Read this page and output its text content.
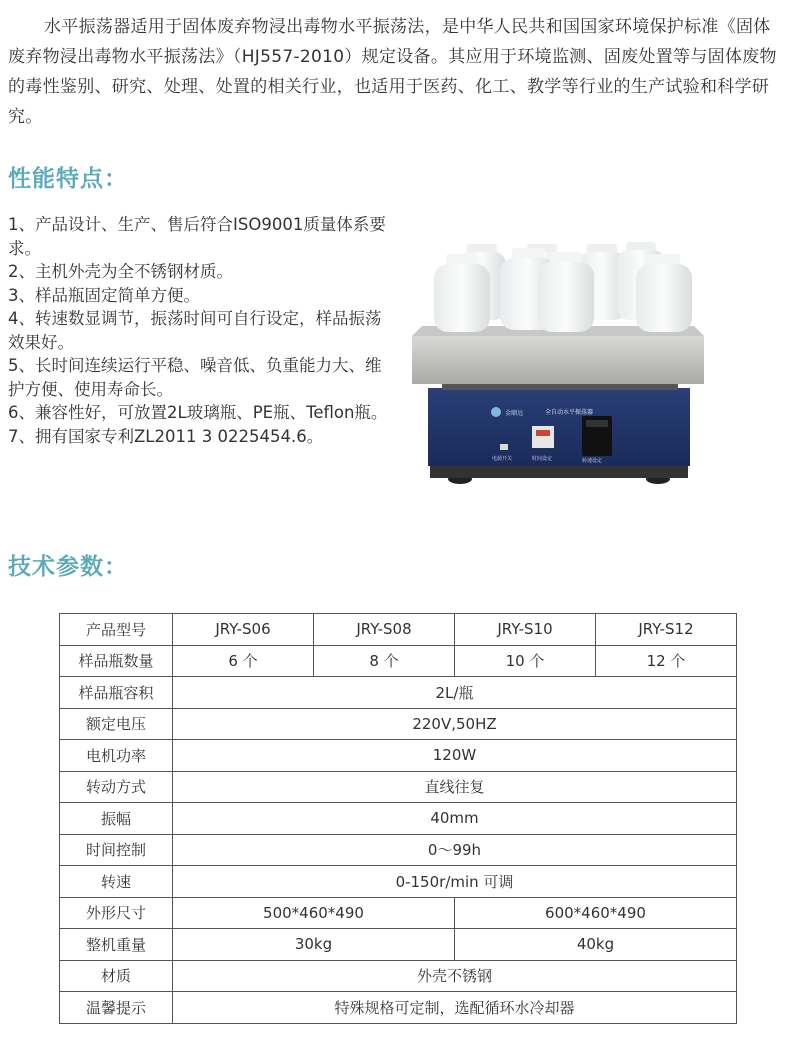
水平振荡器适用于固体废弃物浸出毒物水平振荡法，是中华人民共和国国家环境保护标准《固体废弃物浸出毒物水平振荡法》（HJ557-2010）规定设备。其应用于环境监测、固废处置等与固体废物的毒性鉴别、研究、处理、处置的相关行业，也适用于医药、化工、教学等行业的生产试验和科学研究。

性能特点：
1、产品设计、生产、售后符合ISO9001质量体系要求。
2、主机外壳为全不锈钢材质。
3、样品瓶固定简单方便。
4、转速数显调节，振荡时间可自行设定，样品振荡效果好。
5、长时间连续运行平稳、噪音低、负重能力大、维护方便、使用寿命长。
6、兼容性好，可放置2L玻璃瓶、PE瓶、Teflon瓶。
7、拥有国家专利ZL2011 3 0225454.6。
金顺远	全自动水平振荡器
电源开关	时间设定	转速设定
技术参数：
产品型号	JRY-S06	JRY-S08	JRY-S10	JRY-S12
样品瓶数量	6 个	8 个	10 个	12 个
样品瓶容积	2L/瓶			
额定电压	220V,50HZ			
电机功率	120W			
转动方式	直线往复			
振幅	40mm			
时间控制	0～99h			
转速	0-150r/min 可调			
外形尺寸	500*460*490		600*460*490	
整机重量	30kg		40kg	
材质	外壳不锈钢			
温馨提示	特殊规格可定制，选配循环水冷却器			
